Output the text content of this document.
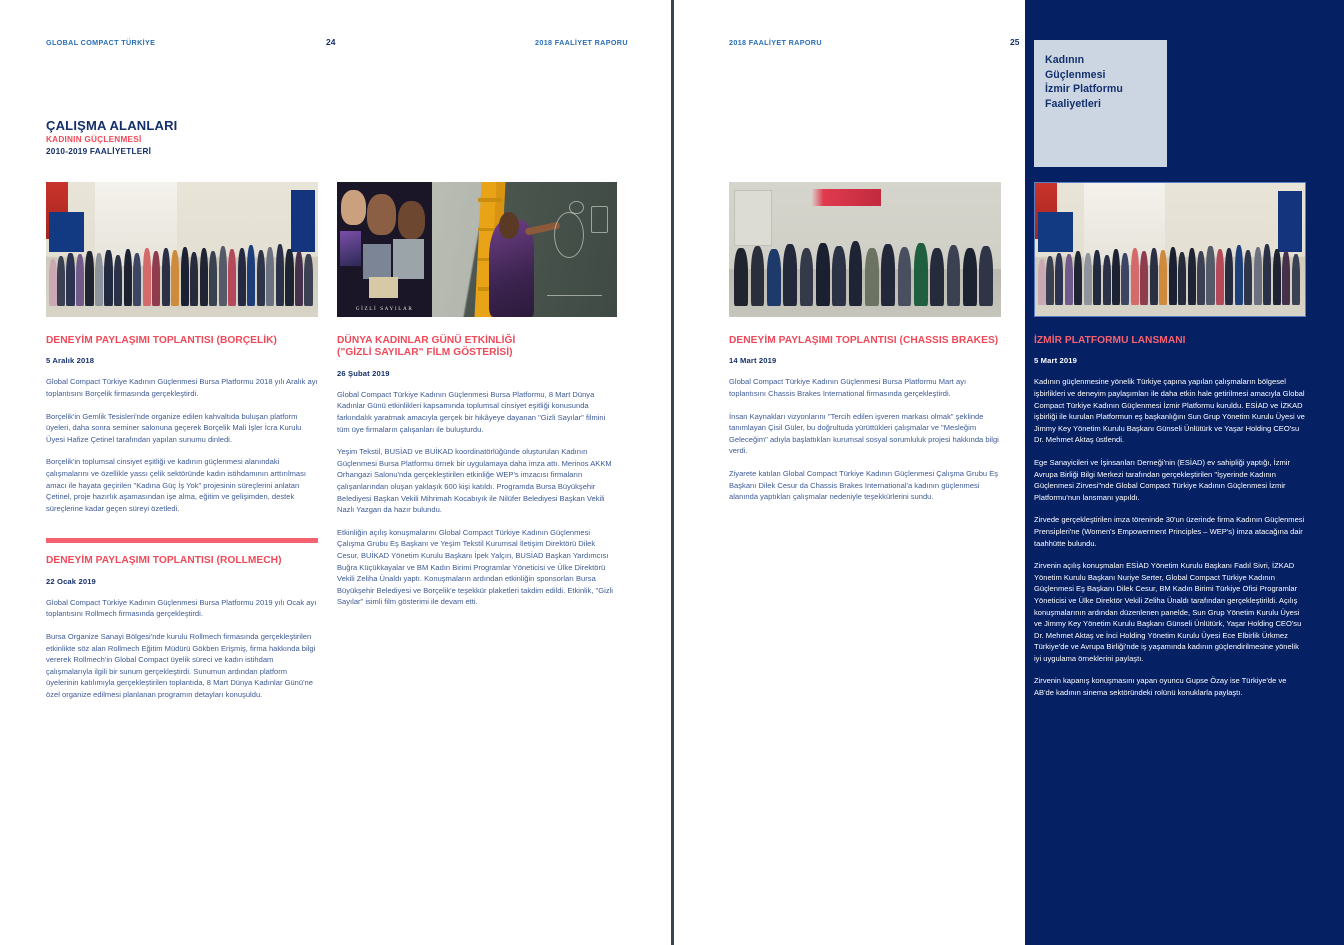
GLOBAL COMPACT TÜRKİYE	24	2018 FAALİYET RAPORU
ÇALIŞMA ALANLARI
KADININ GÜÇLENMESİ
2010-2019 FAALİYETLERİ
DENEYİM PAYLAŞIMI TOPLANTISI (BORÇELİK)
5 Aralık 2018
Global Compact Türkiye Kadının Güçlenmesi Bursa Platformu 2018 yılı Aralık ayı toplantısını Borçelik firmasında gerçekleştirdi.
Borçelik'in Gemlik Tesisleri'nde organize edilen kahvaltıda buluşan platform üyeleri, daha sonra seminer salonuna geçerek Borçelik Mali İşler İcra Kurulu Üyesi Hafize Çetinel tarafından yapılan sunumu dinledi.
Borçelik'in toplumsal cinsiyet eşitliği ve kadının güçlenmesi alanındaki çalışmalarını ve özellikle yassı çelik sektöründe kadın istihdamının arttırılması amacı ile hayata geçirilen "Kadına Güç İş Yok" projesinin süreçlerini anlatan Çetinel, proje hazırlık aşamasından işe alma, eğitim ve gelişimden, destek süreçlerine kadar geçen süreyi özetledi.
DENEYİM PAYLAŞIMI TOPLANTISI (ROLLMECH)
22 Ocak 2019
Global Compact Türkiye Kadının Güçlenmesi Bursa Platformu 2019 yılı Ocak ayı toplantısını Rollmech firmasında gerçekleştirdi.
Bursa Organize Sanayi Bölgesi'nde kurulu Rollmech firmasında gerçekleştirilen etkinlikte söz alan Rollmech Eğitim Müdürü Gökben Erişmiş, firma hakkında bilgi vererek Rollmech'in Global Compact üyelik süreci ve kadın istihdam çalışmalarıyla ilgili bir sunum gerçekleştirdi. Sunumun ardından platform üyelerinin katılımıyla gerçekleştirilen toplantıda, 8 Mart Dünya Kadınlar Günü'ne özel organize edilmesi planlanan programın detayları konuşuldu.
GİZLİ SAYILAR
DÜNYA KADINLAR GÜNÜ ETKİNLİĞİ
("GİZLİ SAYILAR" FİLM GÖSTERİSİ)
26 Şubat 2019
Global Compact Türkiye Kadının Güçlenmesi Bursa Platformu, 8 Mart Dünya Kadınlar Günü etkinlikleri kapsamında toplumsal cinsiyet eşitliği konusunda farkındalık yaratmak amacıyla gerçek bir hikâyeye dayanan "Gizli Sayılar" filmini tüm üye firmaların çalışanları ile buluşturdu.
Yeşim Tekstil, BUSİAD ve BUİKAD koordinatörlüğünde oluşturulan Kadının Güçlenmesi Bursa Platformu örnek bir uygulamaya daha imza attı. Merinos AKKM Orhangazi Salonu'nda gerçekleştirilen etkinliğe WEP's imzacısı firmaların çalışanlarından oluşan yaklaşık 600 kişi katıldı. Programda Bursa Büyükşehir Belediyesi Başkan Vekili Mihrimah Kocabıyık ile Nilüfer Belediyesi Başkan Vekili Nazlı Yazgan da hazır bulundu.
Etkinliğin açılış konuşmalarını Global Compact Türkiye Kadının Güçlenmesi Çalışma Grubu Eş Başkanı ve Yeşim Tekstil Kurumsal İletişim Direktörü Dilek Cesur, BUİKAD Yönetim Kurulu Başkanı İpek Yalçın, BUSİAD Başkan Yardımcısı Buğra Küçükkayalar ve BM Kadın Birimi Programlar Yöneticisi ve Ülke Direktörü Vekili Zeliha Ünaldı yaptı. Konuşmaların ardından etkinliğin sponsorları Bursa Büyükşehir Belediyesi ve Borçelik'e teşekkür plaketleri takdim edildi. Etkinlik, "Gizli Sayılar" isimli film gösterimi ile devam etti.
2018 FAALİYET RAPORU	25
DENEYİM PAYLAŞIMI TOPLANTISI (CHASSIS BRAKES)
14 Mart 2019
Global Compact Türkiye Kadının Güçlenmesi Bursa Platformu Mart ayı toplantısını Chassis Brakes International firmasında gerçekleştirdi.
İnsan Kaynakları vizyonlarını "Tercih edilen işveren markası olmak" şeklinde tanımlayan Çisil Güler, bu doğrultuda yürüttükleri çalışmalar ve "Mesleğim Geleceğim" adıyla başlattıkları kurumsal sosyal sorumluluk projesi hakkında bilgi verdi.
Ziyarete katılan Global Compact Türkiye Kadının Güçlenmesi Çalışma Grubu Eş Başkanı Dilek Cesur da Chassis Brakes International'a kadının güçlenmesi alanında yaptıkları çalışmalar nedeniyle teşekkürlerini sundu.
Kadının
Güçlenmesi
İzmir Platformu
Faaliyetleri
İZMİR PLATFORMU LANSMANI
5 Mart 2019
Kadının güçlenmesine yönelik Türkiye çapına yapılan çalışmaların bölgesel işbirlikleri ve deneyim paylaşımları ile daha etkin hale getirilmesi amacıyla Global Compact Türkiye Kadının Güçlenmesi İzmir Platformu kuruldu. ESİAD ve İZKAD işbirliği ile kurulan Platformun eş başkanlığını Sun Grup Yönetim Kurulu Üyesi ve Jimmy Key Yönetim Kurulu Başkanı Günseli Ünlütürk ve Yaşar Holding CEO'su Dr. Mehmet Aktaş üstlendi.
Ege Sanayicileri ve İşinsanları Derneği'nin (ESİAD) ev sahipliği yaptığı, İzmir Avrupa Birliği Bilgi Merkezi tarafından gerçekleştirilen "İşyerinde Kadının Güçlenmesi Zirvesi"nde Global Compact Türkiye Kadının Güçlenmesi İzmir Platformu'nun lansmanı yapıldı.
Zirvede gerçekleştirilen imza töreninde 30'un üzerinde firma Kadının Güçlenmesi Prensipleri'ne (Women's Empowerment Principles – WEP's) imza atacağına dair taahhütte bulundu.
Zirvenin açılış konuşmaları ESİAD Yönetim Kurulu Başkanı Fadıl Sivri, İZKAD Yönetim Kurulu Başkanı Nuriye Serter, Global Compact Türkiye Kadının Güçlenmesi Eş Başkanı Dilek Cesur, BM Kadın Birimi Türkiye Ofisi Programlar Yöneticisi ve Ülke Direktör Vekili Zeliha Ünaldı tarafından gerçekleştirildi. Açılış konuşmalarının ardından düzenlenen panelde, Sun Grup Yönetim Kurulu Üyesi ve Jimmy Key Yönetim Kurulu Başkanı Günseli Ünlütürk, Yaşar Holding CEO'su Dr. Mehmet Aktaş ve İnci Holding Yönetim Kurulu Üyesi Ece Elbirlik Ürkmez Türkiye'de ve Avrupa Birliği'nde iş yaşamında kadının güçlendirilmesine yönelik iyi uygulama örneklerini paylaştı.
Zirvenin kapanış konuşmasını yapan oyuncu Gupse Özay ise Türkiye'de ve AB'de kadının sinema sektöründeki rolünü konuklarla paylaştı.
